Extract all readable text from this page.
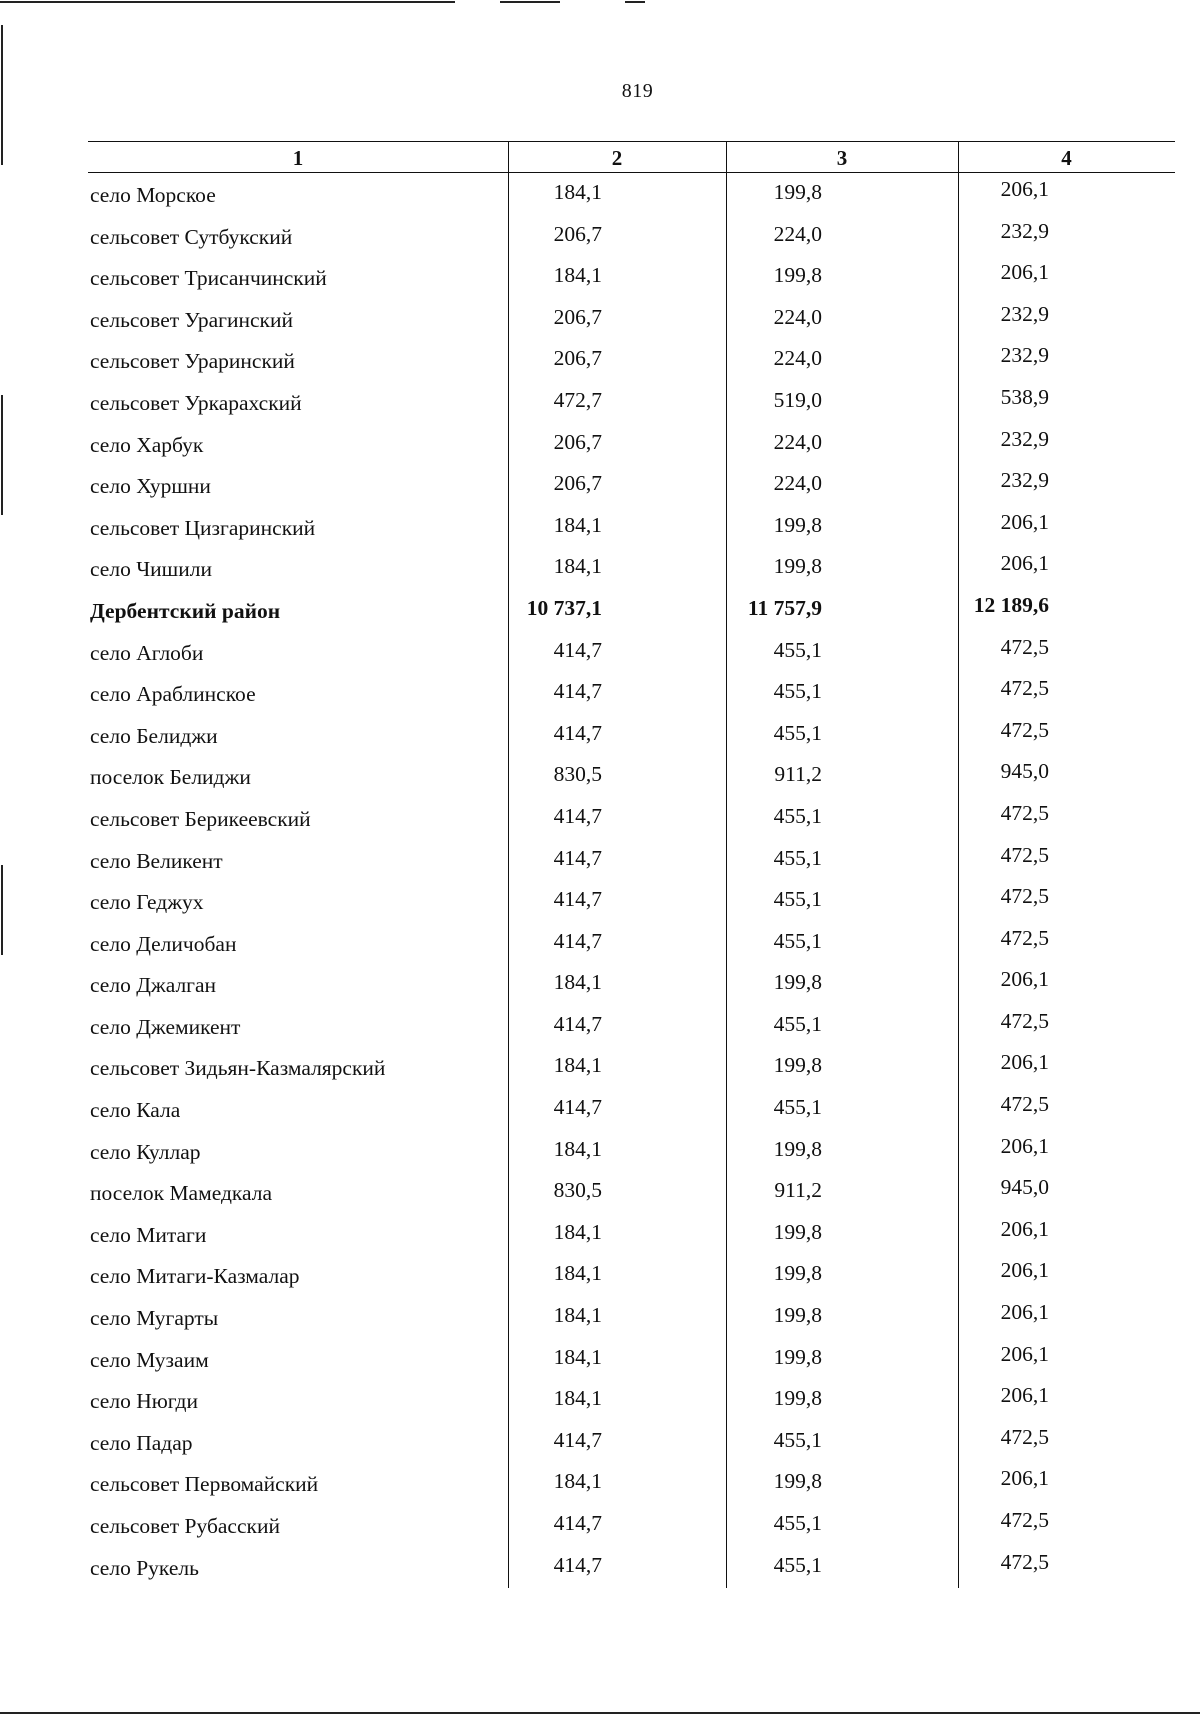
819
1	2	3	4
село Морское	184,1	199,8	206,1
сельсовет Сутбукский	206,7	224,0	232,9
сельсовет Трисанчинский	184,1	199,8	206,1
сельсовет Урагинский	206,7	224,0	232,9
сельсовет Ураринский	206,7	224,0	232,9
сельсовет Уркарахский	472,7	519,0	538,9
село Харбук	206,7	224,0	232,9
село Хуршни	206,7	224,0	232,9
сельсовет Цизгаринский	184,1	199,8	206,1
село Чишили	184,1	199,8	206,1
Дербентский район	10 737,1	11 757,9	12 189,6
село Аглоби	414,7	455,1	472,5
село Араблинское	414,7	455,1	472,5
село Белиджи	414,7	455,1	472,5
поселок Белиджи	830,5	911,2	945,0
сельсовет Берикеевский	414,7	455,1	472,5
село Великент	414,7	455,1	472,5
село Геджух	414,7	455,1	472,5
село Деличобан	414,7	455,1	472,5
село Джалган	184,1	199,8	206,1
село Джемикент	414,7	455,1	472,5
сельсовет Зидьян-Казмалярский	184,1	199,8	206,1
село Кала	414,7	455,1	472,5
село Куллар	184,1	199,8	206,1
поселок Мамедкала	830,5	911,2	945,0
село Митаги	184,1	199,8	206,1
село Митаги-Казмалар	184,1	199,8	206,1
село Мугарты	184,1	199,8	206,1
село Музаим	184,1	199,8	206,1
село Нюгди	184,1	199,8	206,1
село Падар	414,7	455,1	472,5
сельсовет Первомайский	184,1	199,8	206,1
сельсовет Рубасский	414,7	455,1	472,5
село Рукель	414,7	455,1	472,5
